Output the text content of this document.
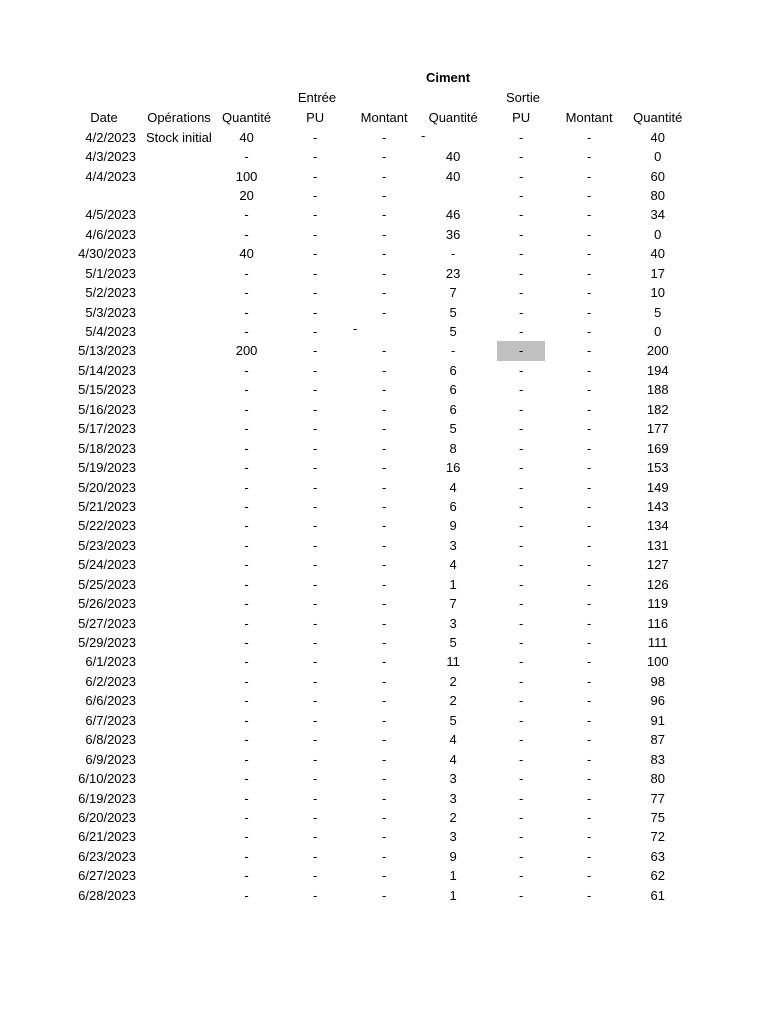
Ciment
Entrée	Sortie
-
-
Date	Opérations	Quantité	PU	Montant	Quantité	PU	Montant	Quantité
4/2/2023	Stock initial	40	-	-		-	-	40
4/3/2023		-	-	-	40	-	-	0
4/4/2023		100	-	-	40	-	-	60
		20	-	-		-	-	80
4/5/2023		-	-	-	46	-	-	34
4/6/2023		-	-	-	36	-	-	0
4/30/2023		40	-	-	-	-	-	40
5/1/2023		-	-	-	23	-	-	17
5/2/2023		-	-	-	7	-	-	10
5/3/2023		-	-	-	5	-	-	5
5/4/2023		-	-		5	-	-	0
5/13/2023		200	-	-	-	-	-	200
5/14/2023		-	-	-	6	-	-	194
5/15/2023		-	-	-	6	-	-	188
5/16/2023		-	-	-	6	-	-	182
5/17/2023		-	-	-	5	-	-	177
5/18/2023		-	-	-	8	-	-	169
5/19/2023		-	-	-	16	-	-	153
5/20/2023		-	-	-	4	-	-	149
5/21/2023		-	-	-	6	-	-	143
5/22/2023		-	-	-	9	-	-	134
5/23/2023		-	-	-	3	-	-	131
5/24/2023		-	-	-	4	-	-	127
5/25/2023		-	-	-	1	-	-	126
5/26/2023		-	-	-	7	-	-	119
5/27/2023		-	-	-	3	-	-	116
5/29/2023		-	-	-	5	-	-	111
6/1/2023		-	-	-	11	-	-	100
6/2/2023		-	-	-	2	-	-	98
6/6/2023		-	-	-	2	-	-	96
6/7/2023		-	-	-	5	-	-	91
6/8/2023		-	-	-	4	-	-	87
6/9/2023		-	-	-	4	-	-	83
6/10/2023		-	-	-	3	-	-	80
6/19/2023		-	-	-	3	-	-	77
6/20/2023		-	-	-	2	-	-	75
6/21/2023		-	-	-	3	-	-	72
6/23/2023		-	-	-	9	-	-	63
6/27/2023		-	-	-	1	-	-	62
6/28/2023		-	-	-	1	-	-	61
